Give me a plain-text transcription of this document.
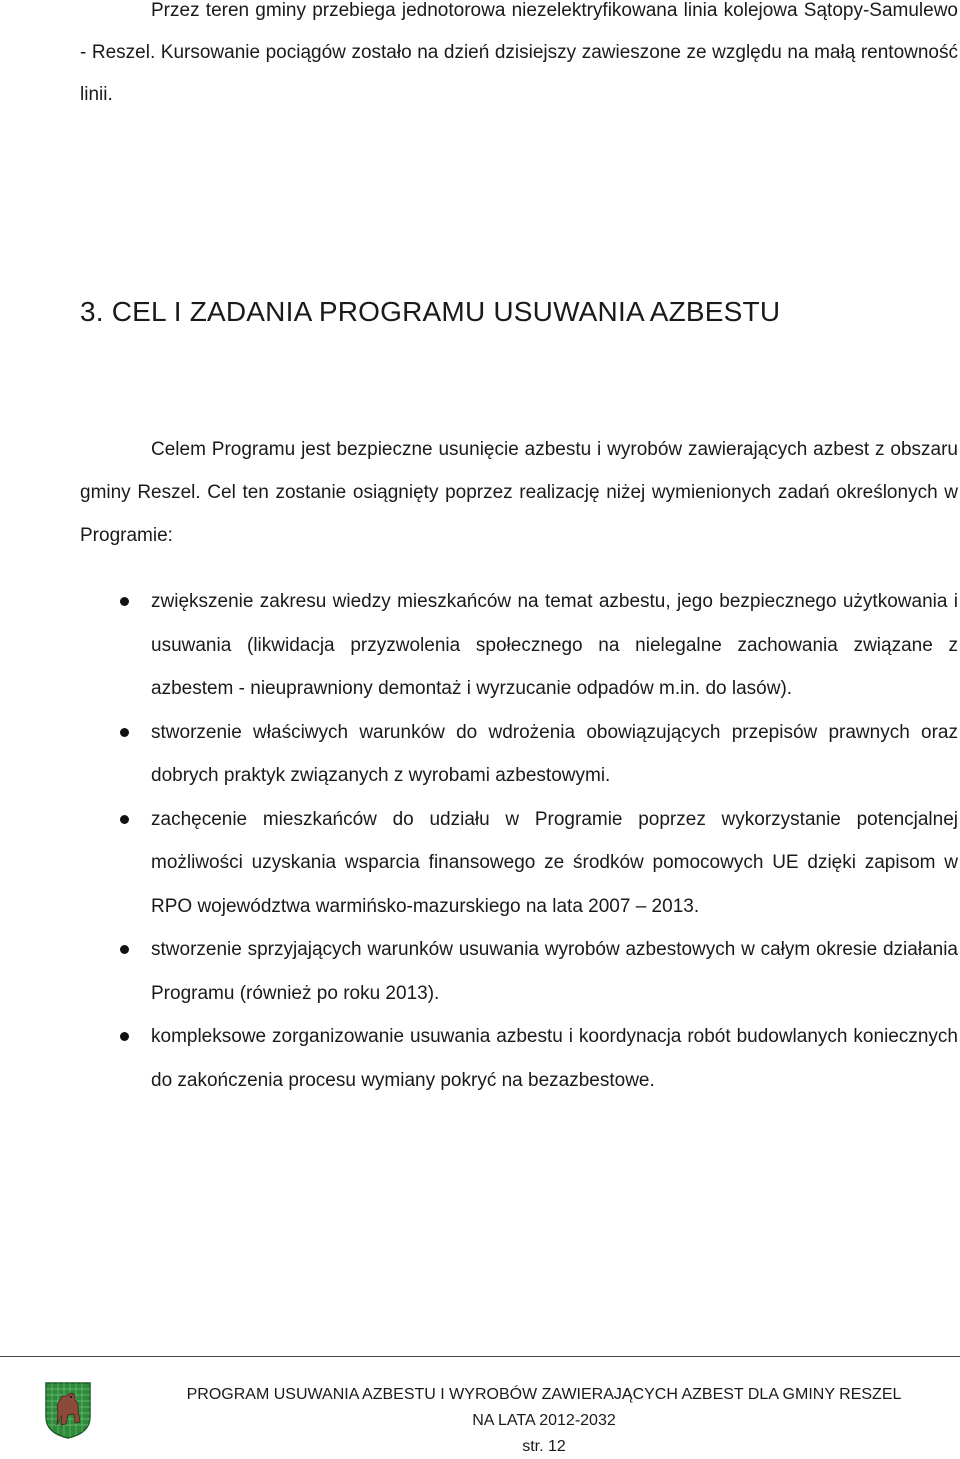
Przez teren gminy przebiega jednotorowa niezelektryfikowana linia kolejowa Sątopy-Samulewo - Reszel. Kursowanie pociągów zostało na dzień dzisiejszy zawieszone ze względu na małą rentowność linii.

3. CEL I ZADANIA PROGRAMU USUWANIA AZBESTU

Celem Programu jest bezpieczne usunięcie azbestu i wyrobów zawierających azbest z obszaru gminy Reszel. Cel ten zostanie osiągnięty poprzez realizację niżej wymienionych zadań określonych w Programie:

zwiększenie zakresu wiedzy mieszkańców na temat azbestu, jego bezpiecznego użytkowania i usuwania (likwidacja przyzwolenia społecznego na nielegalne zachowania związane z azbestem - nieuprawniony demontaż i wyrzucanie odpadów m.in. do lasów).
stworzenie właściwych warunków do wdrożenia obowiązujących przepisów prawnych oraz dobrych praktyk związanych z wyrobami azbestowymi.
zachęcenie mieszkańców do udziału w Programie poprzez wykorzystanie potencjalnej możliwości uzyskania wsparcia finansowego ze środków pomocowych UE dzięki zapisom w RPO województwa warmińsko-mazurskiego na lata 2007 – 2013.
stworzenie sprzyjających warunków usuwania wyrobów azbestowych w całym okresie działania Programu (również po roku 2013).
kompleksowe zorganizowanie usuwania azbestu i koordynacja robót budowlanych koniecznych do zakończenia procesu wymiany pokryć na bezazbestowe.
PROGRAM USUWANIA AZBESTU I WYROBÓW ZAWIERAJĄCYCH AZBEST DLA GMINY RESZEL
NA LATA 2012-2032
str. 12
